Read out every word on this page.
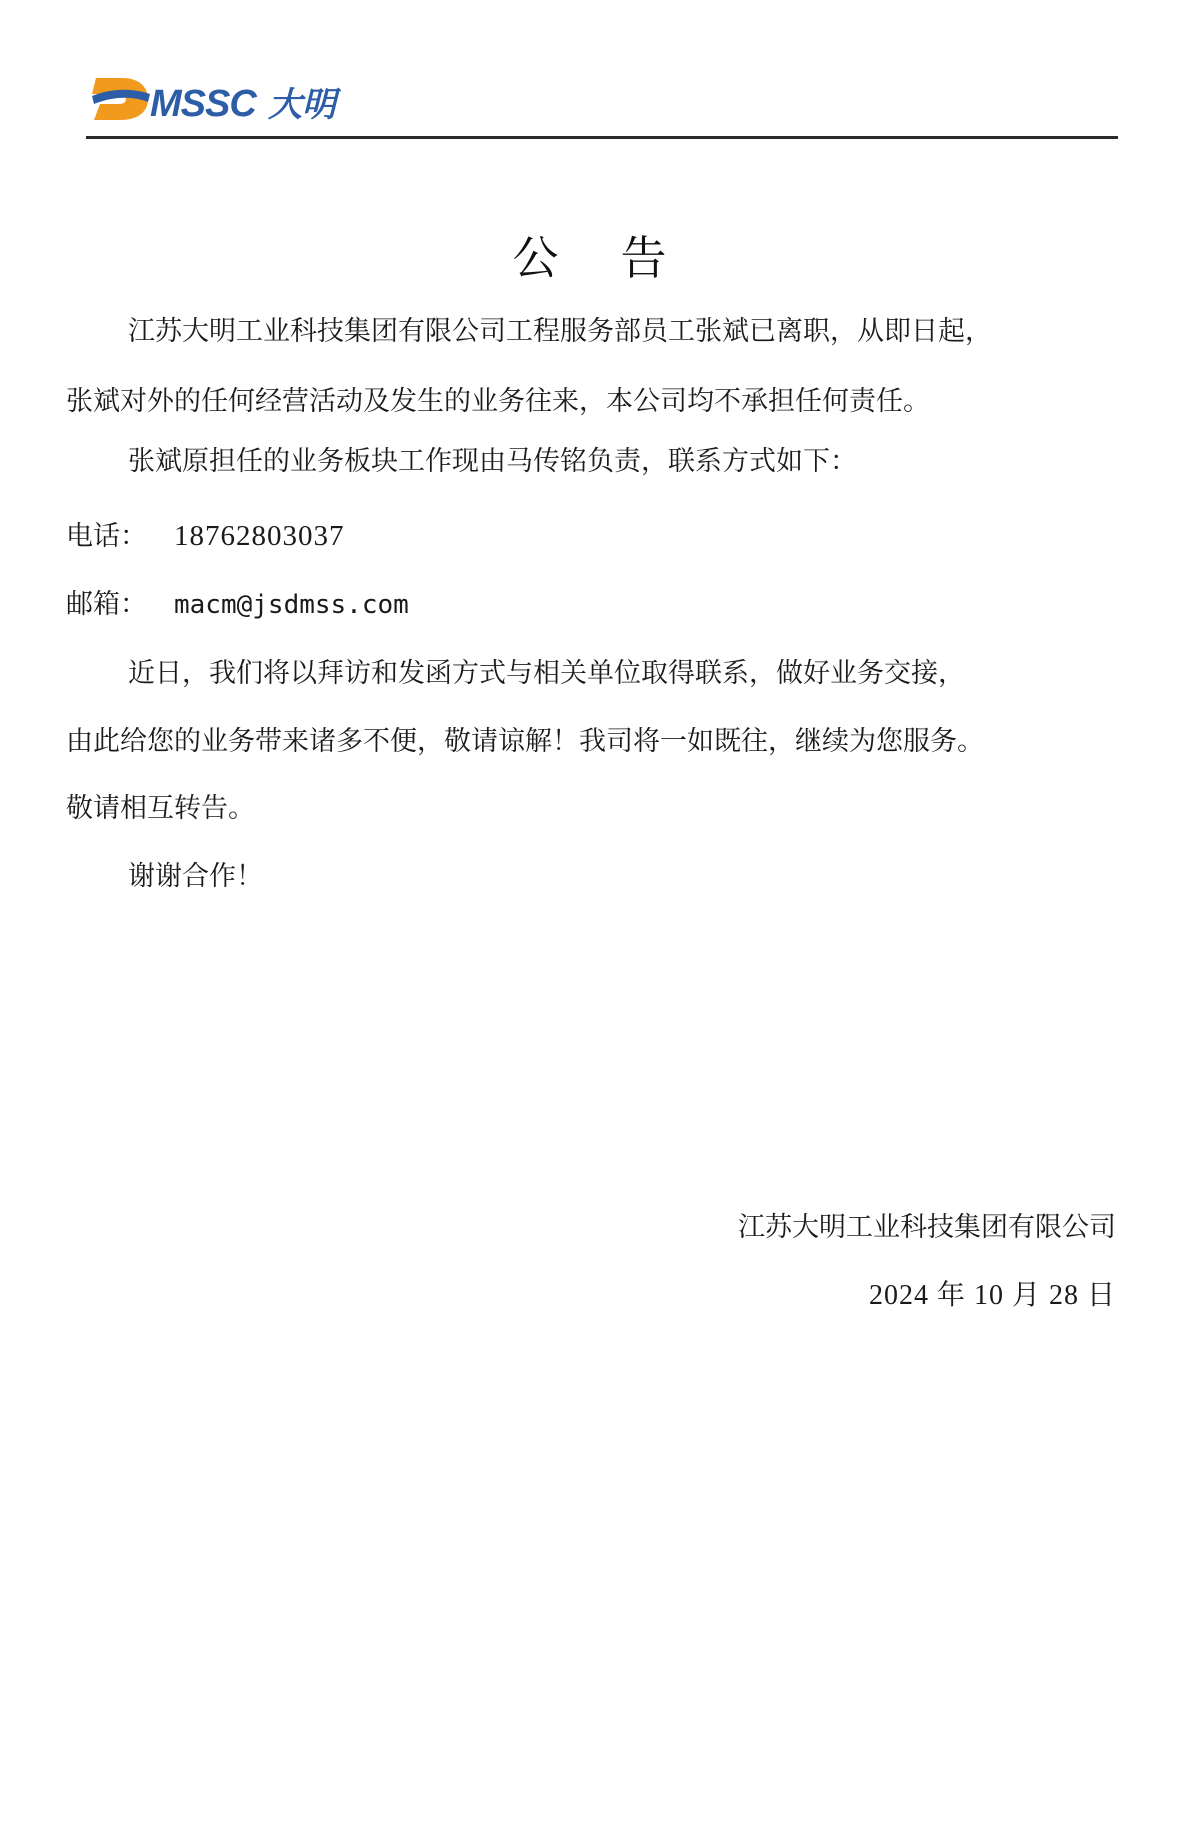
MSSC 大明
公告
江苏大明工业科技集团有限公司工程服务部员工张斌已离职，从即日起，
张斌对外的任何经营活动及发生的业务往来，本公司均不承担任何责任。
张斌原担任的业务板块工作现由马传铭负责，联系方式如下：
电话： 18762803037
邮箱： macm@jsdmss.com
近日，我们将以拜访和发函方式与相关单位取得联系，做好业务交接，
由此给您的业务带来诸多不便，敬请谅解！我司将一如既往，继续为您服务。
敬请相互转告。
谢谢合作！
江苏大明工业科技集团有限公司
2024 年 10 月 28 日
